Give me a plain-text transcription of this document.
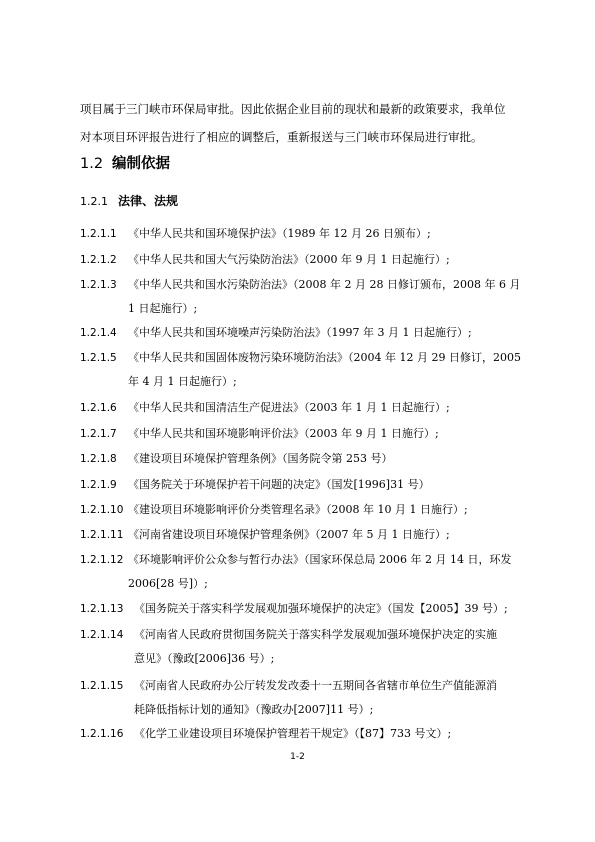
项目属于三门峡市环保局审批。因此依据企业目前的现状和最新的政策要求，我单位

对本项目环评报告进行了相应的调整后，重新报送与三门峡市环保局进行审批。

1.2 编制依据
1.2.1 法律、法规
1.2.1.1 《中华人民共和国环境保护法》（1989 年 12 月 26 日颁布）;
1.2.1.2 《中华人民共和国大气污染防治法》（2000 年 9 月 1 日起施行）;
1.2.1.3 《中华人民共和国水污染防治法》（2008 年 2 月 28 日修订颁布，2008 年 6 月
1 日起施行）;
1.2.1.4 《中华人民共和国环境噪声污染防治法》（1997 年 3 月 1 日起施行）;
1.2.1.5 《中华人民共和国固体废物污染环境防治法》（2004 年 12 月 29 日修订，2005
年 4 月 1 日起施行）;
1.2.1.6 《中华人民共和国清洁生产促进法》（2003 年 1 月 1 日起施行）;
1.2.1.7 《中华人民共和国环境影响评价法》（2003 年 9 月 1 日施行）;
1.2.1.8 《建设项目环境保护管理条例》（国务院令第 253 号）
1.2.1.9 《国务院关于环境保护若干问题的决定》（国发[1996]31 号）
1.2.1.10 《建设项目环境影响评价分类管理名录》（2008 年 10 月 1 日施行）;
1.2.1.11 《河南省建设项目环境保护管理条例》（2007 年 5 月 1 日施行）;
1.2.1.12 《环境影响评价公众参与暂行办法》（国家环保总局 2006 年 2 月 14 日，环发
2006[28 号]）;
1.2.1.13 《国务院关于落实科学发展观加强环境保护的决定》（国发【2005】39 号）;
1.2.1.14 《河南省人民政府贯彻国务院关于落实科学发展观加强环境保护决定的实施
意见》（豫政[2006]36 号）;
1.2.1.15 《河南省人民政府办公厅转发发改委十一五期间各省辖市单位生产值能源消
耗降低指标计划的通知》（豫政办[2007]11 号）;
1.2.1.16 《化学工业建设项目环境保护管理若干规定》（【87】733 号文）;
1-2
